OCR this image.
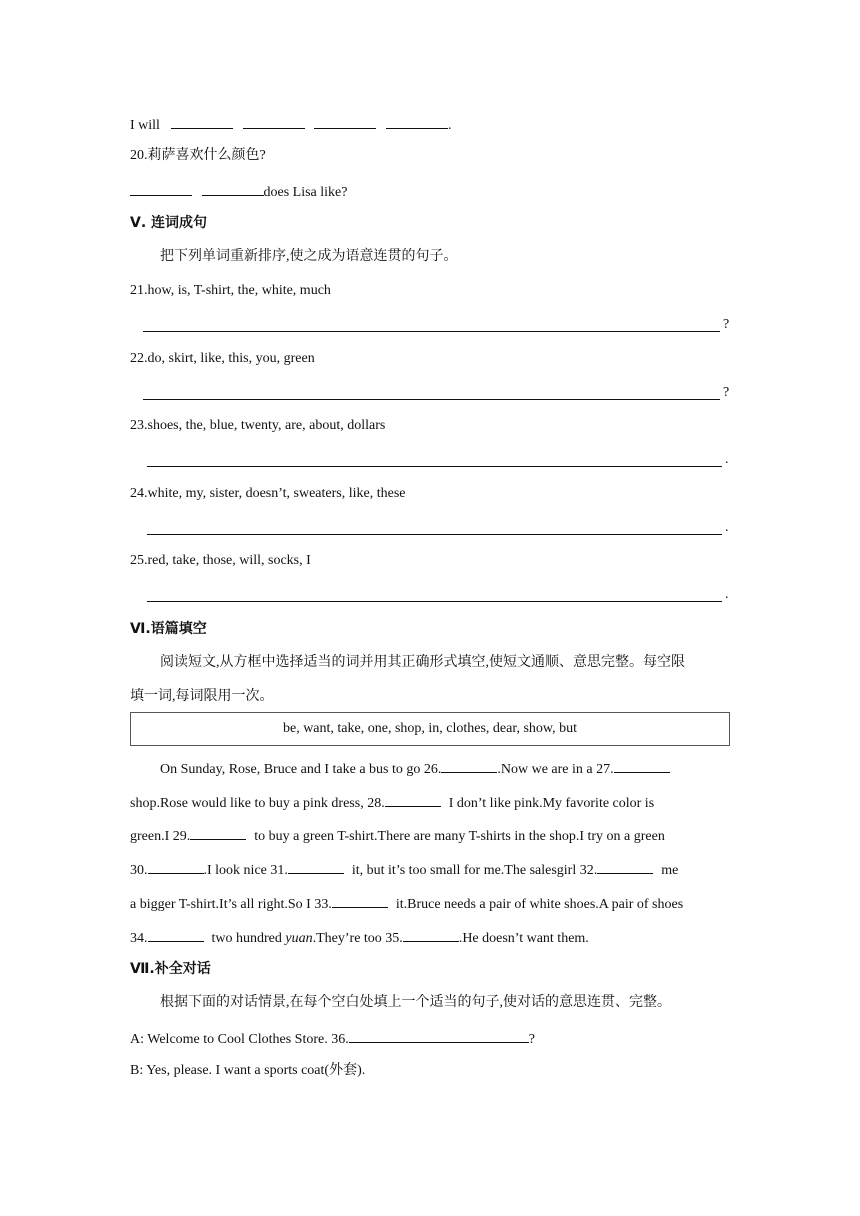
I will	.
20.莉萨喜欢什么颜色?
does Lisa like?
Ⅴ. 连词成句
把下列单词重新排序,使之成为语意连贯的句子。
21.how, is, T-shirt, the, white, much
?
22.do, skirt, like, this, you, green
?
23.shoes, the, blue, twenty, are, about, dollars
.
24.white, my, sister, doesn’t, sweaters, like, these
.
25.red, take, those, will, socks, I
.
Ⅵ.语篇填空
阅读短文,从方框中选择适当的词并用其正确形式填空,使短文通顺、意思完整。每空限
填一词,每词限用一次。
be, want, take, one, shop, in, clothes, dear, show, but
On Sunday, Rose, Bruce and I take a bus to go 26.	.Now we are in a 27.
shop.Rose would like to buy a pink dress, 28.	I don’t like pink.My favorite color is
green.I 29.	to buy a green T-shirt.There are many T-shirts in the shop.I try on a green
30.	.I look nice 31.	it, but it’s too small for me.The salesgirl 32.	me
a bigger T-shirt.It’s all right.So I 33.	it.Bruce needs a pair of white shoes.A pair of shoes
34.	two hundred yuan.They’re too 35.	.He doesn’t want them.
Ⅶ.补全对话
根据下面的对话情景,在每个空白处填上一个适当的句子,使对话的意思连贯、完整。
A: Welcome to Cool Clothes Store. 36.	?
B: Yes, please. I want a sports coat(外套).
